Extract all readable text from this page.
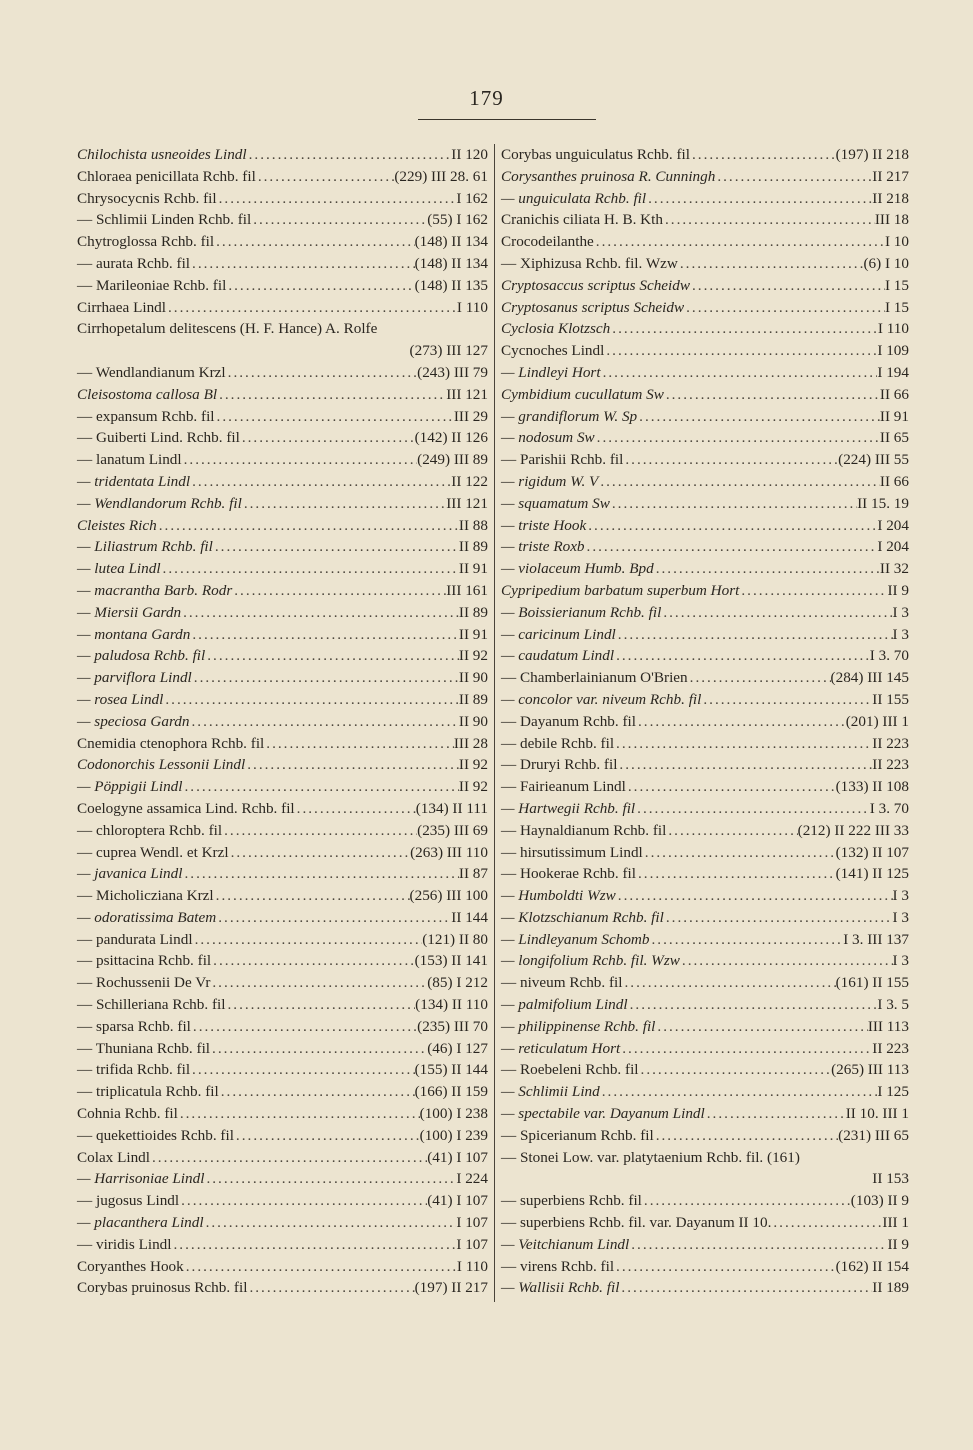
179
Chilochista usneoides Lindl .....	II 120
Chloraea penicillata Rchb. fil .....	(229) III 28. 61
Chrysocycnis Rchb. fil .....	I 162
— Schlimii Linden Rchb. fil .....	(55) I 162
Chytroglossa Rchb. fil .....	(148) II 134
— aurata Rchb. fil .....	(148) II 134
— Marileoniae Rchb. fil .....	(148) II 135
Cirrhaea Lindl .....	I 110
Cirrhopetalum delitescens (H. F. Hance) A. Rolfe
(273) III 127
— Wendlandianum Krzl .....	(243) III 79
Cleisostoma callosa Bl .....	III 121
— expansum Rchb. fil .....	III 29
— Guiberti Lind. Rchb. fil .....	(142) II 126
— lanatum Lindl .....	(249) III 89
— tridentata Lindl .....	II 122
— Wendlandorum Rchb. fil .....	III 121
Cleistes Rich .....	II 88
— Liliastrum Rchb. fil .....	II 89
— lutea Lindl .....	II 91
— macrantha Barb. Rodr .....	III 161
— Miersii Gardn .....	II 89
— montana Gardn .....	II 91
— paludosa Rchb. fil .....	II 92
— parviflora Lindl .....	II 90
— rosea Lindl .....	II 89
— speciosa Gardn .....	II 90
Cnemidia ctenophora Rchb. fil .....	III 28
Codonorchis Lessonii Lindl .....	II 92
— Pöppigii Lindl .....	II 92
Coelogyne assamica Lind. Rchb. fil .....	(134) II 111
— chloroptera Rchb. fil .....	(235) III 69
— cuprea Wendl. et Krzl .....	(263) III 110
— javanica Lindl .....	II 87
— Micholicziana Krzl .....	(256) III 100
— odoratissima Batem .....	II 144
— pandurata Lindl .....	(121) II 80
— psittacina Rchb. fil .....	(153) II 141
— Rochussenii De Vr .....	(85) I 212
— Schilleriana Rchb. fil .....	(134) II 110
— sparsa Rchb. fil .....	(235) III 70
— Thuniana Rchb. fil .....	(46) I 127
— trifida Rchb. fil .....	(155) II 144
— triplicatula Rchb. fil .....	(166) II 159
Cohnia Rchb. fil .....	(100) I 238
— quekettioides Rchb. fil .....	(100) I 239
Colax Lindl .....	(41) I 107
— Harrisoniae Lindl .....	I 224
— jugosus Lindl .....	(41) I 107
— placanthera Lindl .....	I 107
— viridis Lindl .....	I 107
Coryanthes Hook .....	I 110
Corybas pruinosus Rchb. fil .....	(197) II 217
Corybas unguiculatus Rchb. fil .....	(197) II 218
Corysanthes pruinosa R. Cunningh .....	II 217
— unguiculata Rchb. fil .....	II 218
Cranichis ciliata H. B. Kth .....	III 18
Crocodeilanthe .....	I 10
— Xiphizusa Rchb. fil. Wzw .....	(6) I 10
Cryptosaccus scriptus Scheidw .....	I 15
Cryptosanus scriptus Scheidw .....	I 15
Cyclosia Klotzsch .....	I 110
Cycnoches Lindl .....	I 109
— Lindleyi Hort .....	I 194
Cymbidium cucullatum Sw .....	II 66
— grandiflorum W. Sp .....	II 91
— nodosum Sw .....	II 65
— Parishii Rchb. fil .....	(224) III 55
— rigidum W. V .....	II 66
— squamatum Sw .....	II 15. 19
— triste Hook .....	I 204
— triste Roxb .....	I 204
— violaceum Humb. Bpd .....	II 32
Cypripedium barbatum superbum Hort .....	II 9
— Boissierianum Rchb. fil .....	I 3
— caricinum Lindl .....	I 3
— caudatum Lindl .....	I 3. 70
— Chamberlainianum O'Brien .....	(284) III 145
— concolor var. niveum Rchb. fil .....	II 155
— Dayanum Rchb. fil .....	(201) III 1
— debile Rchb. fil .....	II 223
— Druryi Rchb. fil .....	II 223
— Fairieanum Lindl .....	(133) II 108
— Hartwegii Rchb. fil .....	I 3. 70
— Haynaldianum Rchb. fil .....	(212) II 222 III 33
— hirsutissimum Lindl .....	(132) II 107
— Hookerae Rchb. fil .....	(141) II 125
— Humboldti Wzw .....	I 3
— Klotzschianum Rchb. fil .....	I 3
— Lindleyanum Schomb .....	I 3. III 137
— longifolium Rchb. fil. Wzw .....	I 3
— niveum Rchb. fil .....	(161) II 155
— palmifolium Lindl .....	I 3. 5
— philippinense Rchb. fil .....	III 113
— reticulatum Hort .....	II 223
— Roebeleni Rchb. fil .....	(265) III 113
— Schlimii Lind .....	I 125
— spectabile var. Dayanum Lindl .....	II 10. III 1
— Spicerianum Rchb. fil .....	(231) III 65
— Stonei Low. var. platytaenium Rchb. fil. (161)
II 153
— superbiens Rchb. fil .....	(103) II 9
— superbiens Rchb. fil. var. Dayanum II 10. .....	III 1
— Veitchianum Lindl .....	II 9
— virens Rchb. fil .....	(162) II 154
— Wallisii Rchb. fil .....	II 189
